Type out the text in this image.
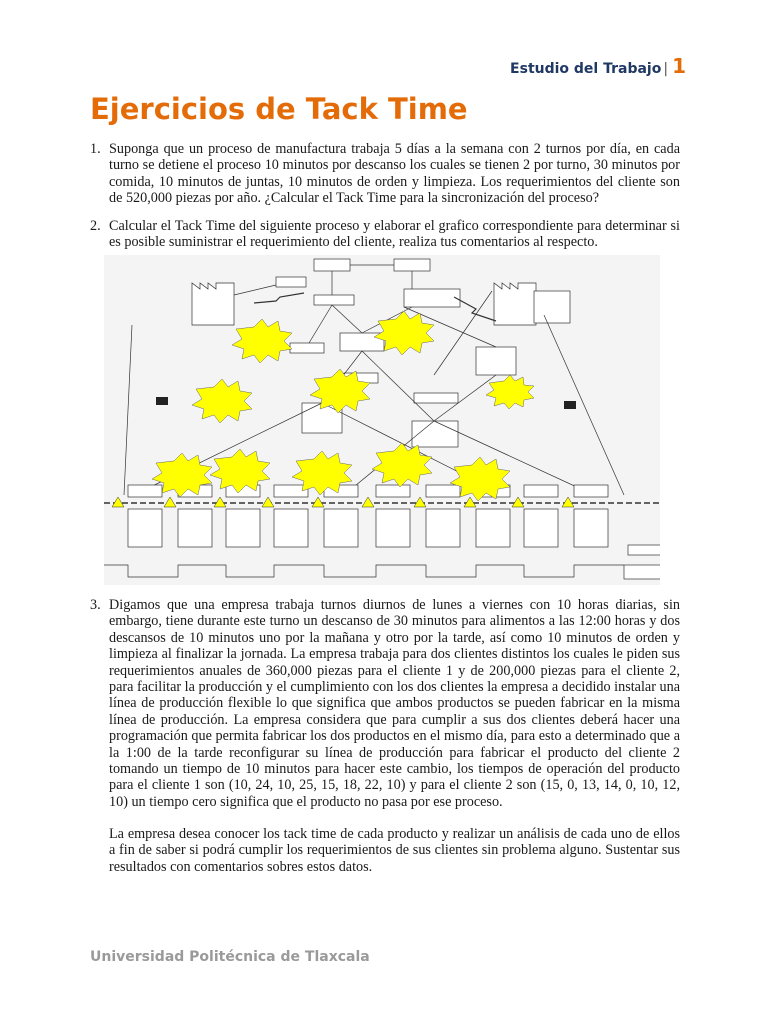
Estudio del Trabajo | 1
Ejercicios de Tack Time
1. Suponga que un proceso de manufactura trabaja 5 días a la semana con 2 turnos por día, en cada turno se detiene el proceso 10 minutos por descanso los cuales se tienen 2 por turno, 30 minutos por comida, 10 minutos de juntas, 10 minutos de orden y limpieza. Los requerimientos del cliente son de 520,000 piezas por año. ¿Calcular el Tack Time para la sincronización del proceso?
2. Calcular el Tack Time del siguiente proceso y elaborar el grafico correspondiente para determinar si es posible suministrar el requerimiento del cliente, realiza tus comentarios al respecto.
3. Digamos que una empresa trabaja turnos diurnos de lunes a viernes con 10 horas diarias, sin embargo, tiene durante este turno un descanso de 30 minutos para alimentos a las 12:00 horas y dos descansos de 10 minutos uno por la mañana y otro por la tarde, así como 10 minutos de orden y limpieza al finalizar la jornada. La empresa trabaja para dos clientes distintos los cuales le piden sus requerimientos anuales de 360,000 piezas para el cliente 1 y de 200,000 piezas para el cliente 2, para facilitar la producción y el cumplimiento con los dos clientes la empresa a decidido instalar una línea de producción flexible lo que significa que ambos productos se pueden fabricar en la misma línea de producción. La empresa considera que para cumplir a sus dos clientes deberá hacer una programación que permita fabricar los dos productos en el mismo día, para esto a determinado que a la 1:00 de la tarde reconfigurar su línea de producción para fabricar el producto del cliente 2 tomando un tiempo de 10 minutos para hacer este cambio, los tiempos de operación del producto para el cliente 1 son (10, 24, 10, 25, 15, 18, 22, 10) y para el cliente 2 son (15, 0, 13, 14, 0, 10, 12, 10) un tiempo cero significa que el producto no pasa por ese proceso.
La empresa desea conocer los tack time de cada producto y realizar un análisis de cada uno de ellos a fin de saber si podrá cumplir los requerimientos de sus clientes sin problema alguno. Sustentar sus resultados con comentarios sobres estos datos.
Universidad Politécnica de Tlaxcala
